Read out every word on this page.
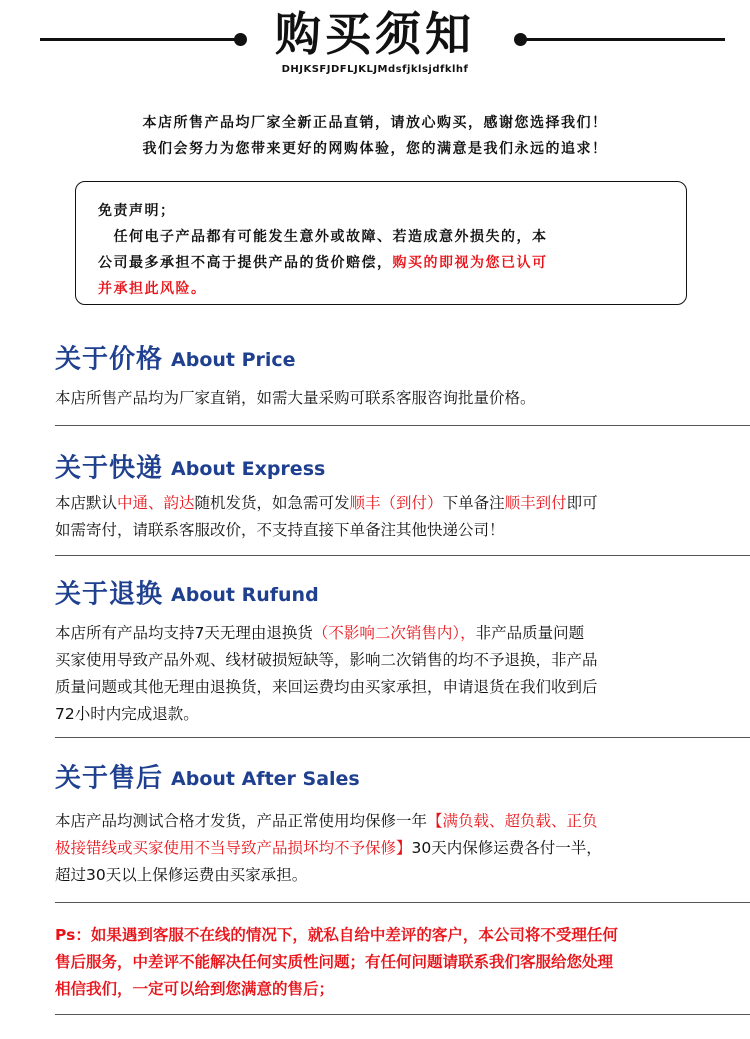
购买须知
DHJKSFJDFLJKLJMdsfjklsjdfklhf
本店所售产品均厂家全新正品直销，请放心购买，感谢您选择我们！
我们会努力为您带来更好的网购体验，您的满意是我们永远的追求！
免责声明；
　任何电子产品都有可能发生意外或故障、若造成意外损失的，本
公司最多承担不高于提供产品的货价赔偿，购买的即视为您已认可
并承担此风险。
关于价格 About Price
本店所售产品均为厂家直销，如需大量采购可联系客服咨询批量价格。
关于快递 About Express
本店默认中通、韵达随机发货，如急需可发顺丰（到付）下单备注顺丰到付即可
如需寄付，请联系客服改价，不支持直接下单备注其他快递公司！
关于退换 About Rufund
本店所有产品均支持7天无理由退换货（不影响二次销售内），非产品质量问题
买家使用导致产品外观、线材破损短缺等，影响二次销售的均不予退换，非产品
质量问题或其他无理由退换货，来回运费均由买家承担，申请退货在我们收到后
72小时内完成退款。
关于售后 About After Sales
本店产品均测试合格才发货，产品正常使用均保修一年【满负载、超负载、正负
极接错线或买家使用不当导致产品损坏均不予保修】30天内保修运费各付一半，
超过30天以上保修运费由买家承担。
Ps：如果遇到客服不在线的情况下，就私自给中差评的客户，本公司将不受理任何
售后服务，中差评不能解决任何实质性问题；有任何问题请联系我们客服给您处理
相信我们，一定可以给到您满意的售后；
